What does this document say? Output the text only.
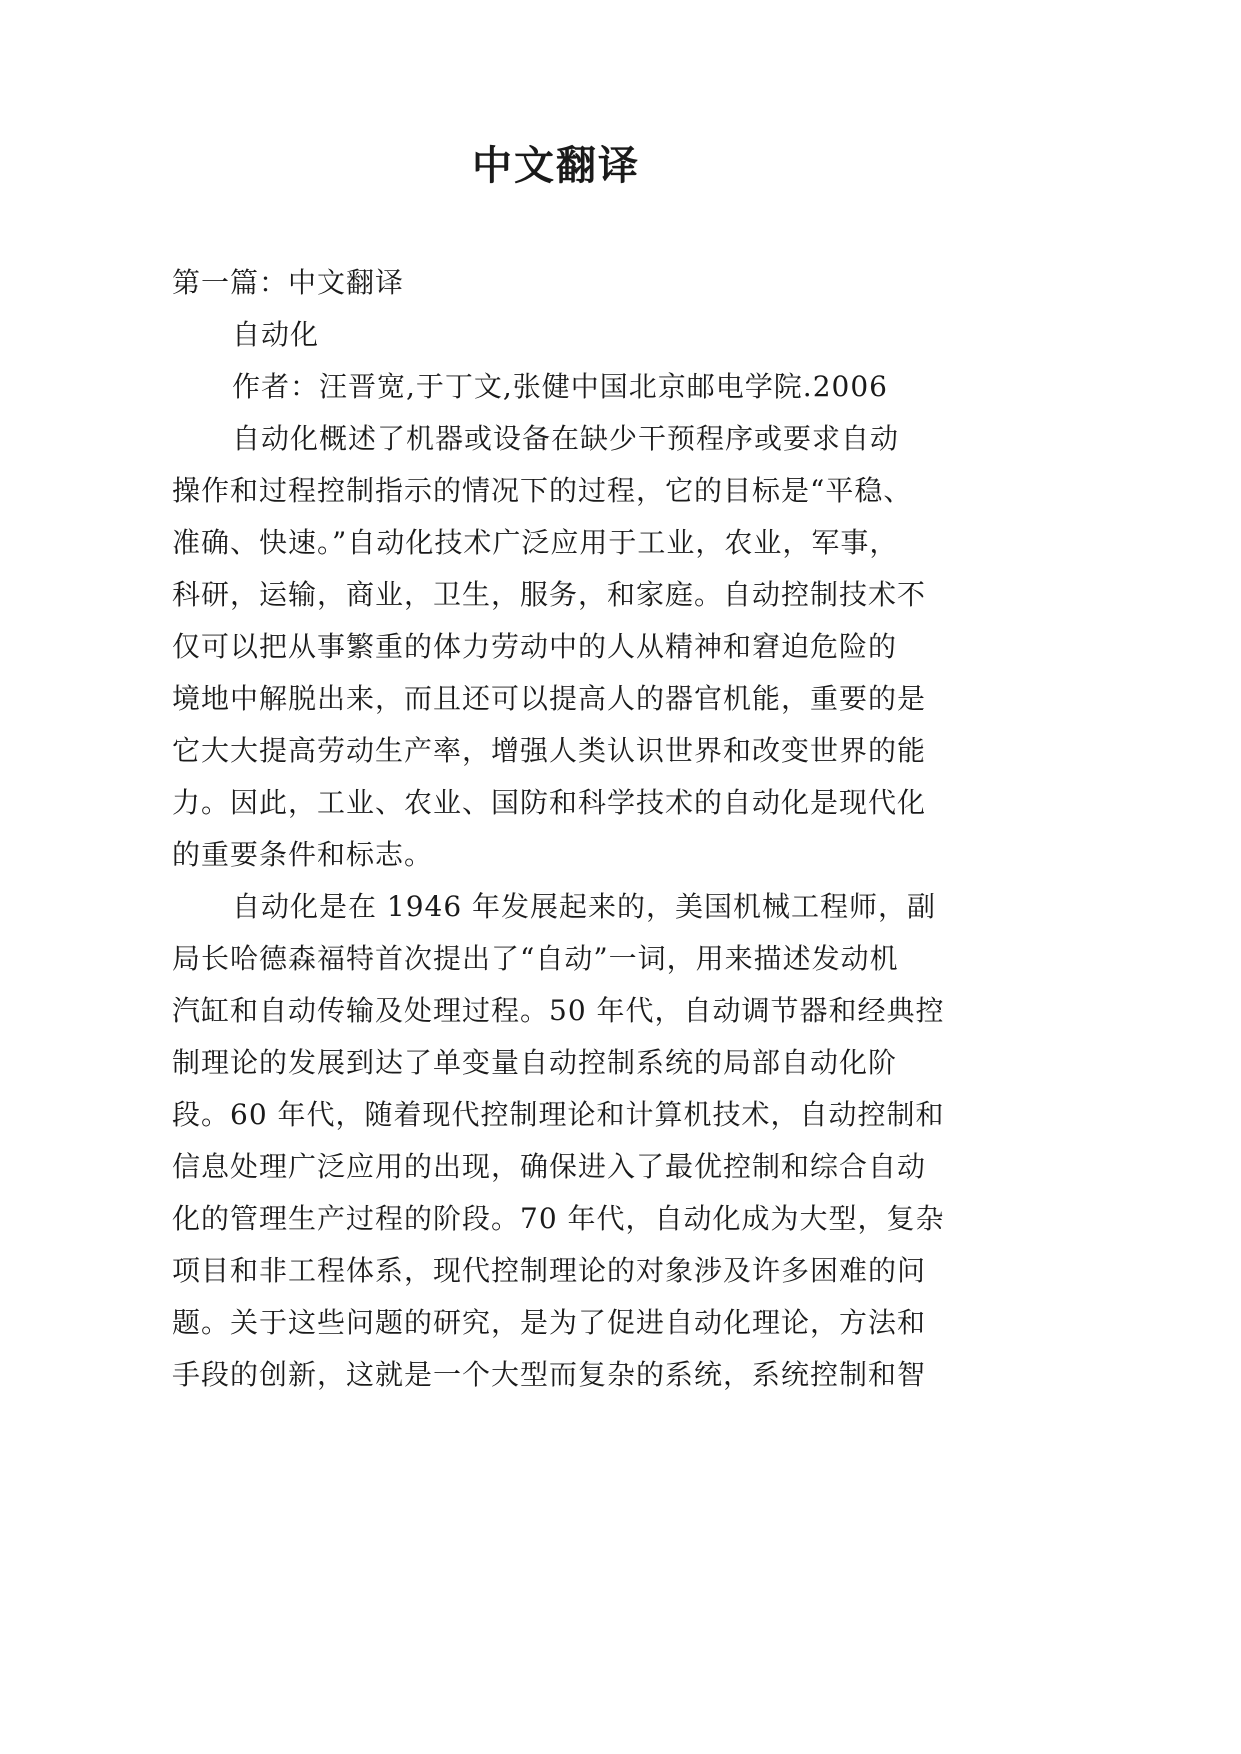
中文翻译
第一篇：中文翻译
自动化
作者：汪晋宽,于丁文,张健中国北京邮电学院.2006
自动化概述了机器或设备在缺少干预程序或要求自动
操作和过程控制指示的情况下的过程，它的目标是“平稳、
准确、快速。”自动化技术广泛应用于工业，农业，军事，
科研，运输，商业，卫生，服务，和家庭。自动控制技术不
仅可以把从事繁重的体力劳动中的人从精神和窘迫危险的
境地中解脱出来，而且还可以提高人的器官机能，重要的是
它大大提高劳动生产率，增强人类认识世界和改变世界的能
力。因此，工业、农业、国防和科学技术的自动化是现代化
的重要条件和标志。
自动化是在 1946 年发展起来的，美国机械工程师，副
局长哈德森福特首次提出了“自动”一词，用来描述发动机
汽缸和自动传输及处理过程。50 年代，自动调节器和经典控
制理论的发展到达了单变量自动控制系统的局部自动化阶
段。60 年代，随着现代控制理论和计算机技术，自动控制和
信息处理广泛应用的出现，确保进入了最优控制和综合自动
化的管理生产过程的阶段。70 年代，自动化成为大型，复杂
项目和非工程体系，现代控制理论的对象涉及许多困难的问
题。关于这些问题的研究，是为了促进自动化理论，方法和
手段的创新，这就是一个大型而复杂的系统，系统控制和智
